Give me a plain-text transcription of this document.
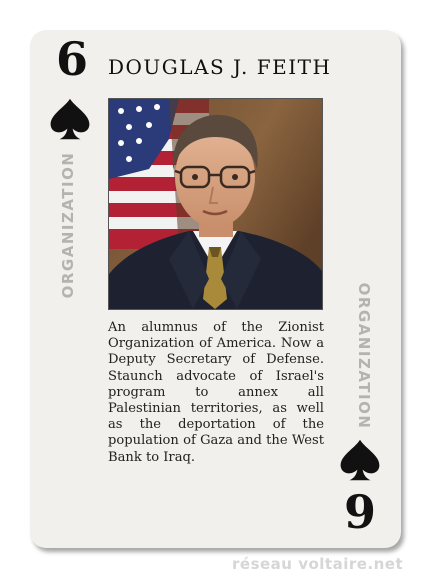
6
ORGANIZATION
DOUGLAS J. FEITH
An alumnus of the Zionist Organization of America. Now a Deputy Secretary of Defense. Staunch advocate of Israel's program to annex all Palestinian territories, as well as the deportation of the population of Gaza and the West Bank to Iraq.
ORGANIZATION
9
réseau voltaire.net
